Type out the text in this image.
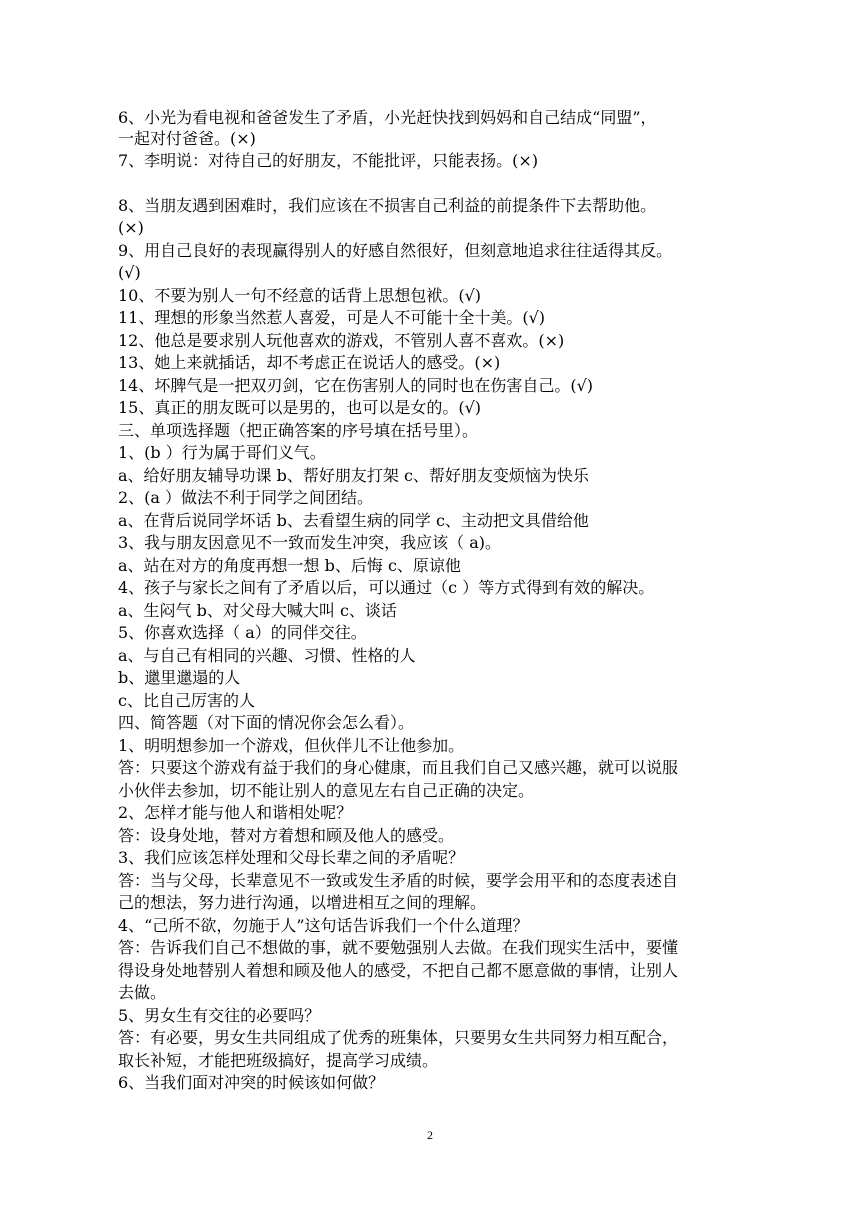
6、小光为看电视和爸爸发生了矛盾，小光赶快找到妈妈和自己结成“同盟”，
一起对付爸爸。(×)
7、李明说：对待自己的好朋友，不能批评，只能表扬。(×)
8、当朋友遇到困难时，我们应该在不损害自己利益的前提条件下去帮助他。
(×)
9、用自己良好的表现赢得别人的好感自然很好，但刻意地追求往往适得其反。
(√)
10、不要为别人一句不经意的话背上思想包袱。(√)
11、理想的形象当然惹人喜爱，可是人不可能十全十美。(√)
12、他总是要求别人玩他喜欢的游戏，不管别人喜不喜欢。(×)
13、她上来就插话，却不考虑正在说话人的感受。(×)
14、坏脾气是一把双刃剑，它在伤害别人的同时也在伤害自己。(√)
15、真正的朋友既可以是男的，也可以是女的。(√)
三、单项选择题（把正确答案的序号填在括号里）。
1、(b ）行为属于哥们义气。
a、给好朋友辅导功课 b、帮好朋友打架 c、帮好朋友变烦恼为快乐
2、(a ）做法不利于同学之间团结。
a、在背后说同学坏话 b、去看望生病的同学 c、主动把文具借给他
3、我与朋友因意见不一致而发生冲突，我应该（ a)。
a、站在对方的角度再想一想 b、后悔 c、原谅他
4、孩子与家长之间有了矛盾以后，可以通过（c ）等方式得到有效的解决。
a、生闷气 b、对父母大喊大叫 c、谈话
5、你喜欢选择（ a）的同伴交往。
a、与自己有相同的兴趣、习惯、性格的人
b、邋里邋遢的人
c、比自己厉害的人
四、简答题（对下面的情况你会怎么看）。
1、明明想参加一个游戏，但伙伴儿不让他参加。
答：只要这个游戏有益于我们的身心健康，而且我们自己又感兴趣，就可以说服
小伙伴去参加，切不能让别人的意见左右自己正确的决定。
2、怎样才能与他人和谐相处呢？
答：设身处地，替对方着想和顾及他人的感受。
3、我们应该怎样处理和父母长辈之间的矛盾呢？
答：当与父母，长辈意见不一致或发生矛盾的时候，要学会用平和的态度表述自
己的想法，努力进行沟通，以增进相互之间的理解。
4、“己所不欲，勿施于人”这句话告诉我们一个什么道理？
答：告诉我们自己不想做的事，就不要勉强别人去做。在我们现实生活中，要懂
得设身处地替别人着想和顾及他人的感受，不把自己都不愿意做的事情，让别人
去做。
5、男女生有交往的必要吗？
答：有必要，男女生共同组成了优秀的班集体，只要男女生共同努力相互配合，
取长补短，才能把班级搞好，提高学习成绩。
6、当我们面对冲突的时候该如何做？
2
